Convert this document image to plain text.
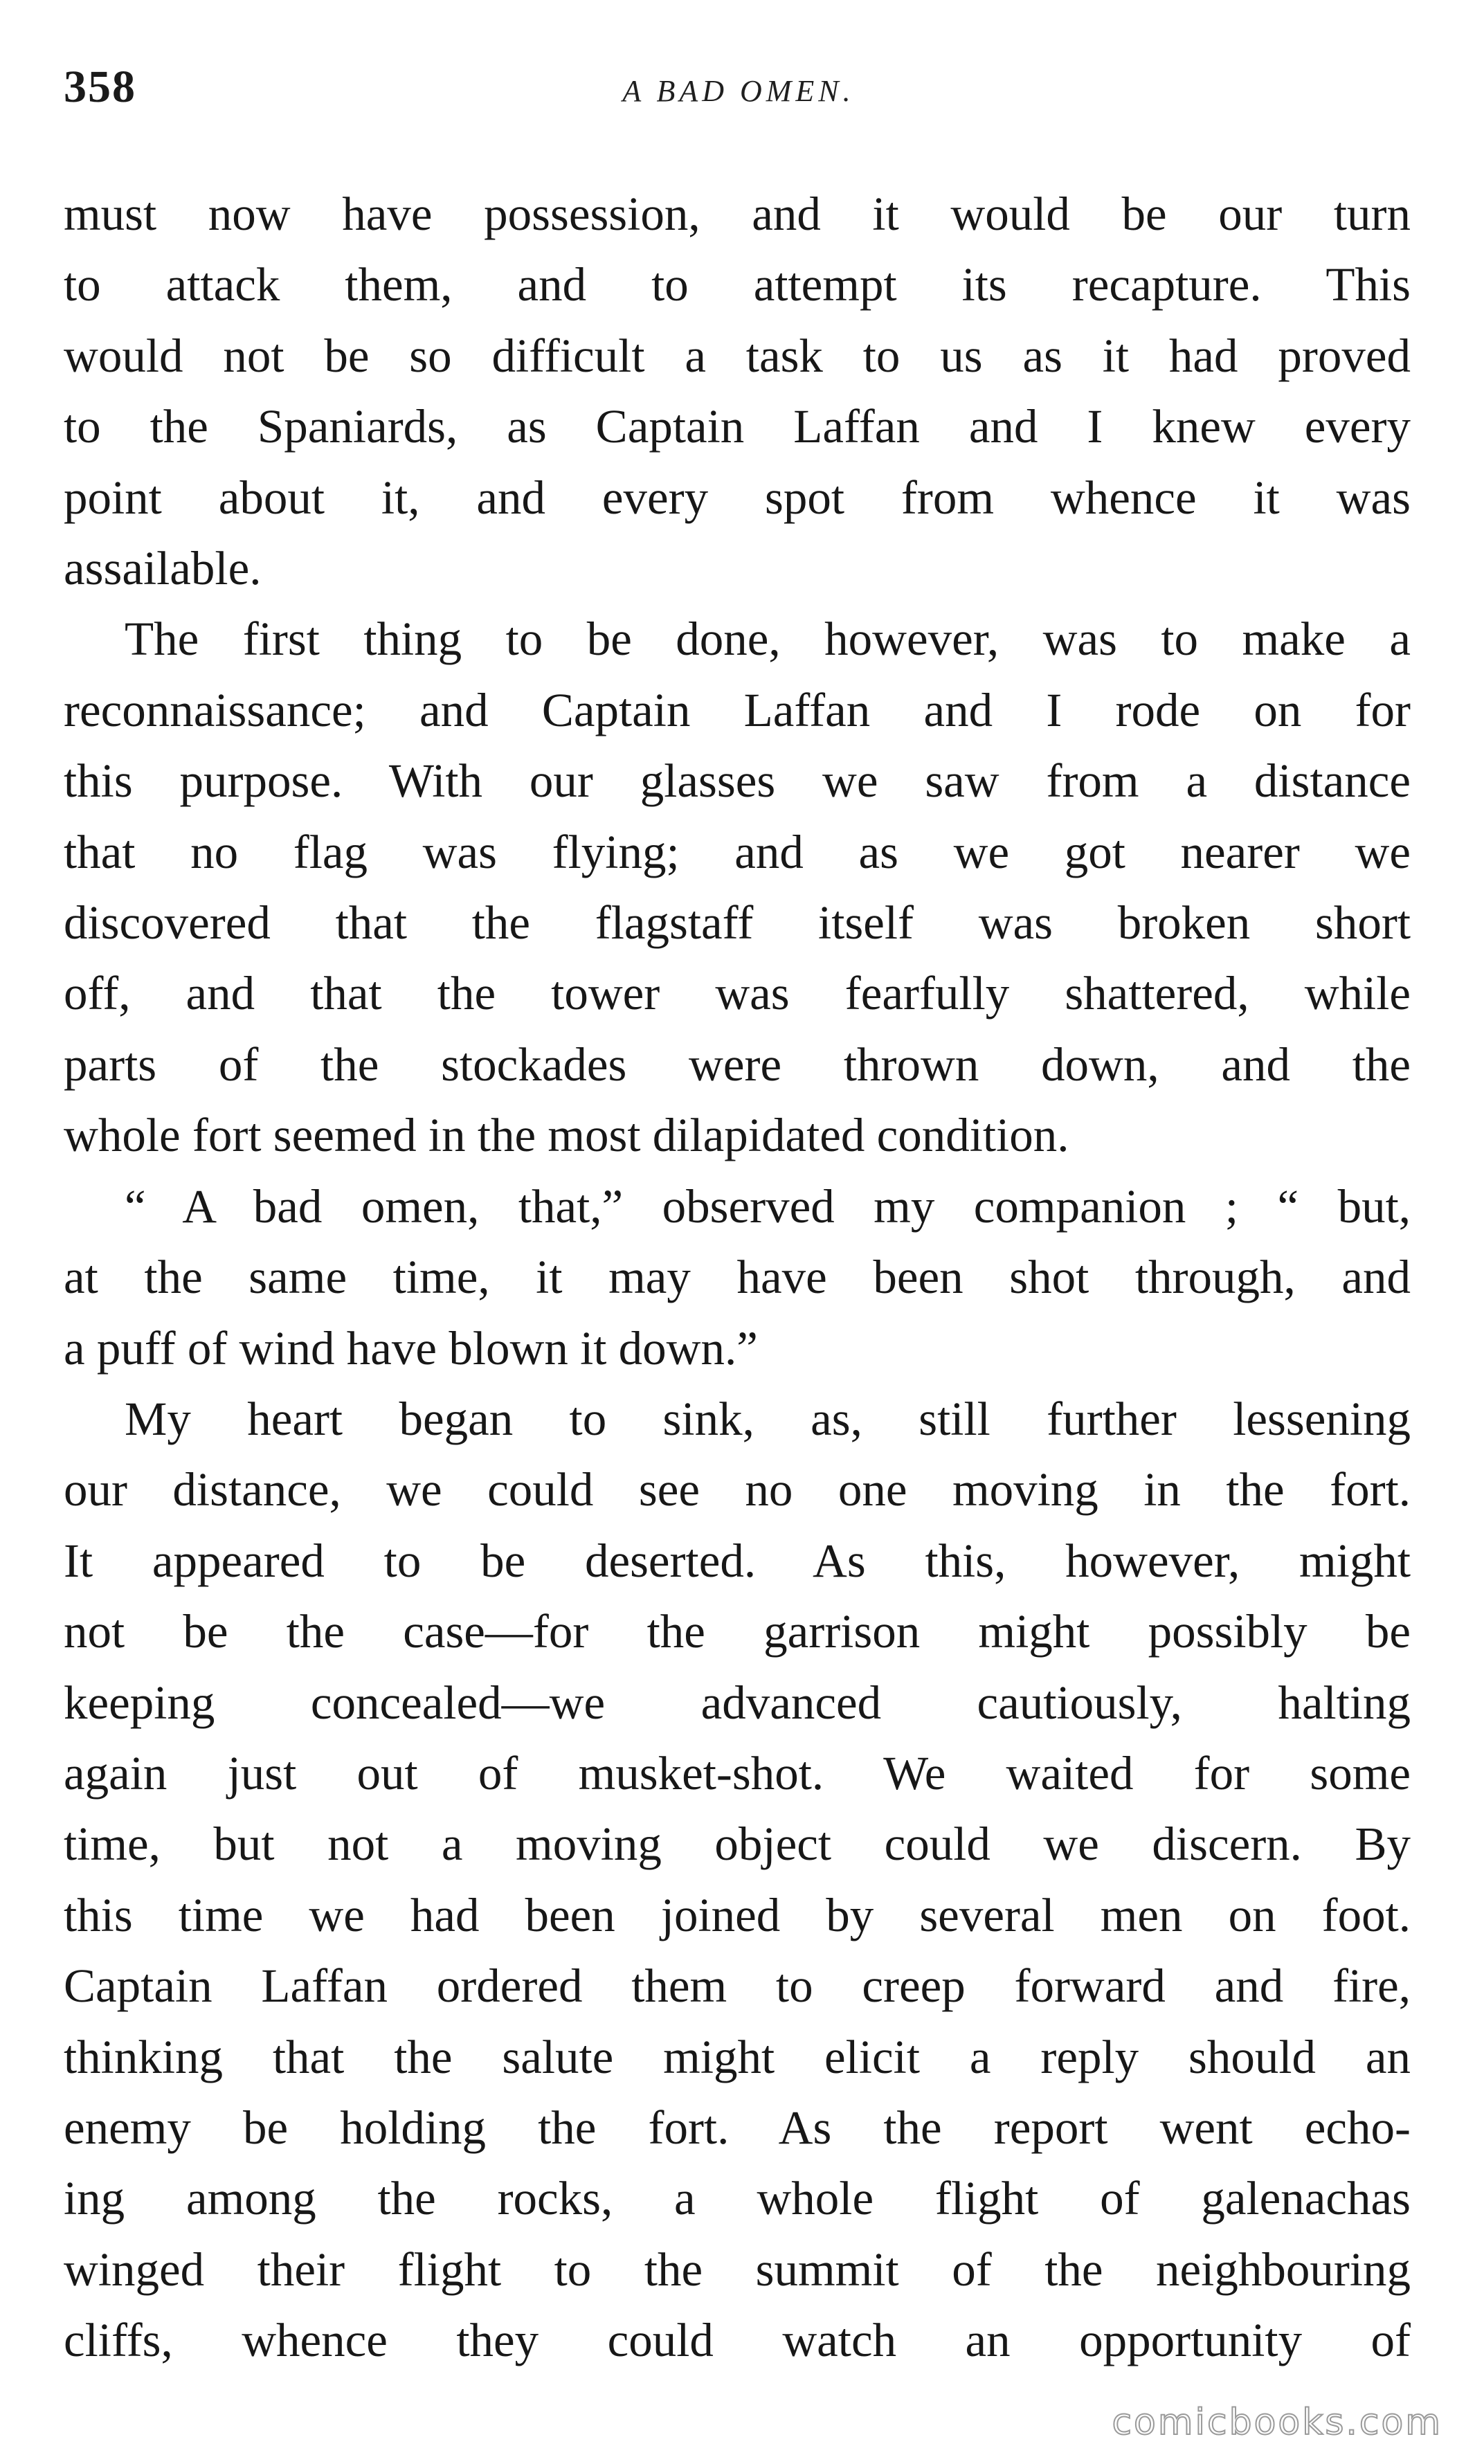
358	A BAD OMEN.

must now have possession, and it would be our turn
to attack them, and to attempt its recapture. This
would not be so difficult a task to us as it had proved
to the Spaniards, as Captain Laffan and I knew every
point about it, and every spot from whence it was
assailable.

The first thing to be done, however, was to make a
reconnaissance; and Captain Laffan and I rode on for
this purpose. With our glasses we saw from a distance
that no flag was flying; and as we got nearer we
discovered that the flagstaff itself was broken short
off, and that the tower was fearfully shattered, while
parts of the stockades were thrown down, and the
whole fort seemed in the most dilapidated condition.

“ A bad omen, that,” observed my companion ; “ but,
at the same time, it may have been shot through, and
a puff of wind have blown it down.”

My heart began to sink, as, still further lessening
our distance, we could see no one moving in the fort.
It appeared to be deserted. As this, however, might
not be the case—for the garrison might possibly be
keeping concealed—we advanced cautiously, halting
again just out of musket-shot. We waited for some
time, but not a moving object could we discern. By
this time we had been joined by several men on foot.
Captain Laffan ordered them to creep forward and fire,
thinking that the salute might elicit a reply should an
enemy be holding the fort. As the report went echo-
ing among the rocks, a whole flight of galenachas
winged their flight to the summit of the neighbouring
cliffs, whence they could watch an opportunity of

comicbooks.com
